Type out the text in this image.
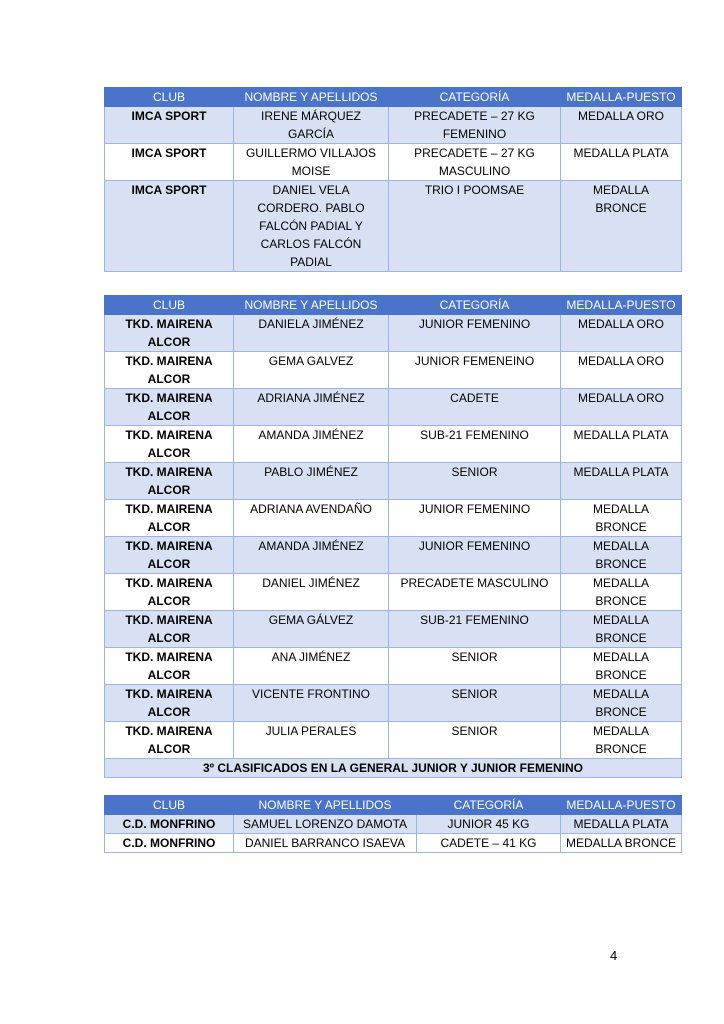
CLUB	NOMBRE Y APELLIDOS	CATEGORÍA	MEDALLA-PUESTO
IMCA SPORT	IRENE MÁRQUEZ GARCÍA	PRECADETE – 27 KG FEMENINO	MEDALLA ORO
IMCA SPORT	GUILLERMO VILLAJOS MOISE	PRECADETE – 27 KG MASCULINO	MEDALLA PLATA
IMCA SPORT	DANIEL VELA CORDERO. PABLO FALCÓN PADIAL Y CARLOS FALCÓN PADIAL	TRIO I POOMSAE	MEDALLA BRONCE
CLUB	NOMBRE Y APELLIDOS	CATEGORÍA	MEDALLA-PUESTO
TKD. MAIRENA ALCOR	DANIELA JIMÉNEZ	JUNIOR FEMENINO	MEDALLA ORO
TKD. MAIRENA ALCOR	GEMA GALVEZ	JUNIOR FEMENEINO	MEDALLA ORO
TKD. MAIRENA ALCOR	ADRIANA JIMÉNEZ	CADETE	MEDALLA ORO
TKD. MAIRENA ALCOR	AMANDA JIMÉNEZ	SUB-21 FEMENINO	MEDALLA PLATA
TKD. MAIRENA ALCOR	PABLO JIMÉNEZ	SENIOR	MEDALLA PLATA
TKD. MAIRENA ALCOR	ADRIANA AVENDAÑO	JUNIOR FEMENINO	MEDALLA BRONCE
TKD. MAIRENA ALCOR	AMANDA JIMÉNEZ	JUNIOR FEMENINO	MEDALLA BRONCE
TKD. MAIRENA ALCOR	DANIEL JIMÉNEZ	PRECADETE MASCULINO	MEDALLA BRONCE
TKD. MAIRENA ALCOR	GEMA GÁLVEZ	SUB-21 FEMENINO	MEDALLA BRONCE
TKD. MAIRENA ALCOR	ANA JIMÉNEZ	SENIOR	MEDALLA BRONCE
TKD. MAIRENA ALCOR	VICENTE FRONTINO	SENIOR	MEDALLA BRONCE
TKD. MAIRENA ALCOR	JULIA PERALES	SENIOR	MEDALLA BRONCE
3º CLASIFICADOS EN LA GENERAL JUNIOR Y JUNIOR FEMENINO			
CLUB	NOMBRE Y APELLIDOS	CATEGORÍA	MEDALLA-PUESTO
C.D. MONFRINO	SAMUEL LORENZO DAMOTA	JUNIOR 45 KG	MEDALLA PLATA
C.D. MONFRINO	DANIEL BARRANCO ISAEVA	CADETE – 41 KG	MEDALLA BRONCE
4
